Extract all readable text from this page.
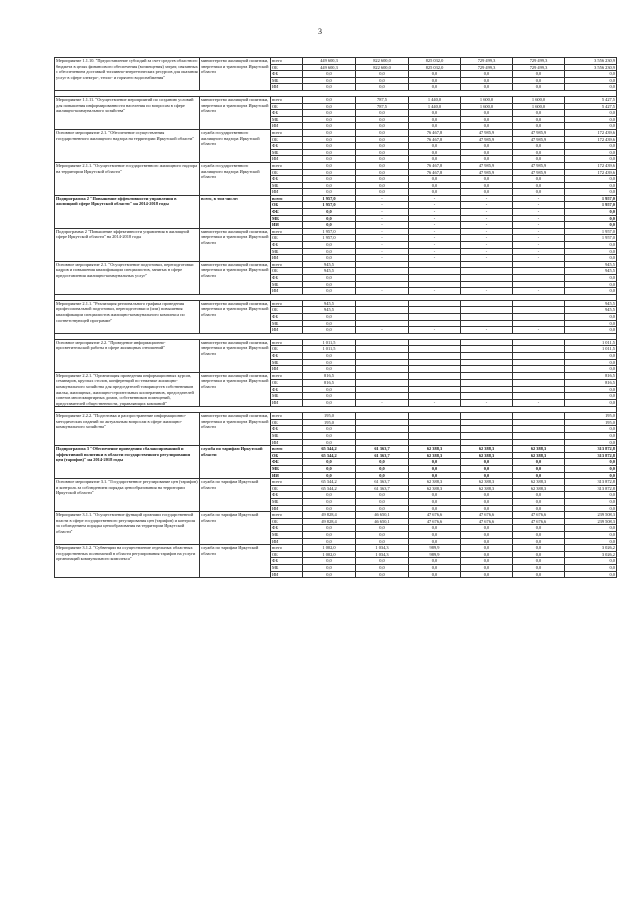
3
Мероприятие 1.1.10. "Предоставление субсидий за счет средств областного бюджета в целях финансового обеспечения (возмещения) затрат, связанных с обеспечением доставкой топливно-энергетических ресурсов для оказания услуг в сфере электро-, тепло- и горячего водоснабжения"	министерство жилищной политики, энергетики и транспорта Иркутской области	всего	449 600,3	822 600,0	825 032,0	729 499,3	729 499,3	3 556 230,9
		ОБ	449 600,3	822 600,0	825 032,0	729 499,3	729 499,3	3 556 230,9
		ФБ	0,0	0,0	0,0	0,0	0,0	0,0
		МБ	0,0	0,0	0,0	0,0	0,0	0,0
		ИИ	0,0	0,0	0,0	0,0	0,0	0,0

Мероприятие 1.1.11. "Осуществление мероприятий по созданию условий для повышения информированности населения по вопросам в сфере жилищно-коммунального хозяйства"	министерство жилищной политики, энергетики и транспорта Иркутской области	всего	0,0	787,5	1 440,0	1 600,0	1 600,0	5 427,5
		ОБ	0,0	787,5	1 440,0	1 600,0	1 600,0	5 427,5
		ФБ	0,0	0,0	0,0	0,0	0,0	0,0
		МБ	0,0	0,0	0,0	0,0	0,0	0,0
		ИИ	0,0	0,0	0,0	0,0	0,0	0,0
Основное мероприятие 2.1. "Обеспечение осуществления государственного жилищного надзора на территории Иркутской области"	служба государственного жилищного надзора Иркутской области	всего	0,0	0,0	76 467,8	47 985,9	47 985,9	172 439,6
		ОБ	0,0	0,0	76 467,8	47 985,9	47 985,9	172 439,6
		ФБ	0,0	0,0	0,0	0,0	0,0	0,0
		МБ	0,0	0,0	0,0	0,0	0,0	0,0
		ИИ	0,0	0,0	0,0	0,0	0,0	0,0
Мероприятие 2.1.1. "Осуществление государственного жилищного надзора на территории Иркутской области"	служба государственного жилищного надзора Иркутской области	всего	0,0	0,0	76 467,8	47 985,9	47 985,9	172 439,6
		ОБ	0,0	0,0	76 467,8	47 985,9	47 985,9	172 439,6
		ФБ	0,0	0,0	0,0	0,0	0,0	0,0
		МБ	0,0	0,0	0,0	0,0	0,0	0,0
		ИИ	0,0	0,0	0,0	0,0	0,0	0,0
Подпрограмма 2 "Повышение эффективности управления в жилищной сфере Иркутской области" на 2014-2018 годы	всего, в том числе:	всего	1 957,0	-	-	-	-	1 957,0
		ОБ	1 957,0	-	-	-	-	1 957,0
		ФБ	0,0	-	-	-	-	0,0
		МБ	0,0	-	-	-	-	0,0
		ИИ	0,0	-	-	-	-	0,0
Подпрограмма 2 "Повышение эффективности управления в жилищной сфере Иркутской области" на 2014-2018 годы	министерство жилищной политики, энергетики и транспорта Иркутской области	всего	1 957,0	-	-	-	-	1 957,0
		ОБ	1 957,0	-	-	-	-	1 957,0
		ФБ	0,0	-	-	-	-	0,0
		МБ	0,0	-	-	-	-	0,0
		ИИ	0,0	-	-	-	-	0,0
Основное мероприятие 2.1. "Осуществление подготовки, переподготовки кадров и повышения квалификации специалистов, занятых в сфере предоставления жилищно-коммунальных услуг"	министерство жилищной политики, энергетики и транспорта Иркутской области	всего	945,5					945,5
		ОБ	945,5					945,5
		ФБ	0,0					0,0
		МБ	0,0					0,0
		ИИ	0,0	-	-	-	-	0,0

Мероприятие 2.1.1. "Реализация регионального графика проведения профессиональной подготовки, переподготовки и (или) повышения квалификации специалистов жилищно-коммунального комплекса по соответствующей программе"	министерство жилищной политики, энергетики и транспорта Иркутской области	всего	945,5					945,5
		ОБ	945,5					945,5
		ФБ	0,0					0,0
		МБ	0,0					0,0
		ИИ	0,0	-	-	-	-	0,0

Основное мероприятие 2.2. "Проведение информационно-просветительской работы в сфере жилищных отношений"	министерство жилищной политики, энергетики и транспорта Иркутской области	всего	1 011,5					1 011,5
		ОБ	1 011,5					1 011,5
		ФБ	0,0					0,0
		МБ	0,0					0,0
		ИИ	0,0					0,0
Мероприятие 2.2.1. "Организация проведения информационных курсов, семинаров, круглых столов, конференций по тематике жилищно-коммунального хозяйства для председателей товариществ собственников жилья, жилищных, жилищно-строительных кооперативов, председателей советов многоквартирных домов, собственников помещений, представителей общественности, управляющих компаний"	министерство жилищной политики, энергетики и транспорта Иркутской области	всего	816,5					816,5
		ОБ	816,5					816,5
		ФБ	0,0					0,0
		МБ	0,0					0,0
		ИИ	0,0	-	-	-	-	0,0

Мероприятие 2.2.2. "Подготовка и распространение информационно-методических изданий по актуальным вопросам в сфере жилищно-коммунального хозяйства"	министерство жилищной политики, энергетики и транспорта Иркутской области	всего	195,0					195,0
		ОБ	195,0					195,0
		ФБ	0,0					0,0
		МБ	0,0					0,0
		ИИ	0,0					0,0
Подпрограмма 3 "Обеспечение проведения сбалансированной и эффективной политики в области государственного регулирования цен (тарифов)" на 2014-2018 годы	служба по тарифам Иркутской области	всего	65 344,2	61 363,7	62 388,3	62 388,3	62 388,3	313 872,8
		ОБ	65 344,2	61 363,7	62 388,3	62 388,3	62 388,3	313 872,8
		ФБ	0,0	0,0	0,0	0,0	0,0	0,0
		МБ	0,0	0,0	0,0	0,0	0,0	0,0
		ИИ	0,0	0,0	0,0	0,0	0,0	0,0
Основное мероприятие 3.1. "Государственное регулирование цен (тарифов) и контроль за соблюдением порядка ценообразования на территории Иркутской области"	служба по тарифам Иркутской области	всего	65 344,2	61 363,7	62 388,3	62 388,3	62 388,3	313 872,8
		ОБ	65 344,2	61 363,7	62 388,3	62 388,3	62 388,3	313 872,8
		ФБ	0,0	0,0	0,0	0,0	0,0	0,0
		МБ	0,0	0,0	0,0	0,0	0,0	0,0
		ИИ	0,0	0,0	0,0	0,0	0,0	0,0
Мероприятие 3.1.1. "Осуществление функций органами государственной власти в сфере государственного регулирования цен (тарифов) и контроля за соблюдением порядка ценообразования на территории Иркутской области"	служба по тарифам Иркутской области	всего	49 828,4	46 650,1	47 676,6	47 676,6	47 676,6	239 508,3
		ОБ	49 828,4	46 650,1	47 676,6	47 676,6	47 676,6	239 508,3
		ФБ	0,0	0,0	0,0	0,0	0,0	0,0
		МБ	0,0	0,0	0,0	0,0	0,0	0,0
		ИИ	0,0	0,0	0,0	0,0	0,0	0,0
Мероприятие 3.1.2. "Субвенции на осуществление отдельных областных государственных полномочий в области регулирования тарифов на услуги организаций коммунального комплекса"	служба по тарифам Иркутской области	всего	1 002,0	1 034,3	989,9	0,0	0,0	3 026,2
		ОБ	1 002,0	1 034,3	989,9	0,0	0,0	3 026,2
		ФБ	0,0	0,0	0,0	0,0	0,0	0,0
		МБ	0,0	0,0	0,0	0,0	0,0	0,0
		ИИ	0,0	0,0	0,0	0,0	0,0	0,0
